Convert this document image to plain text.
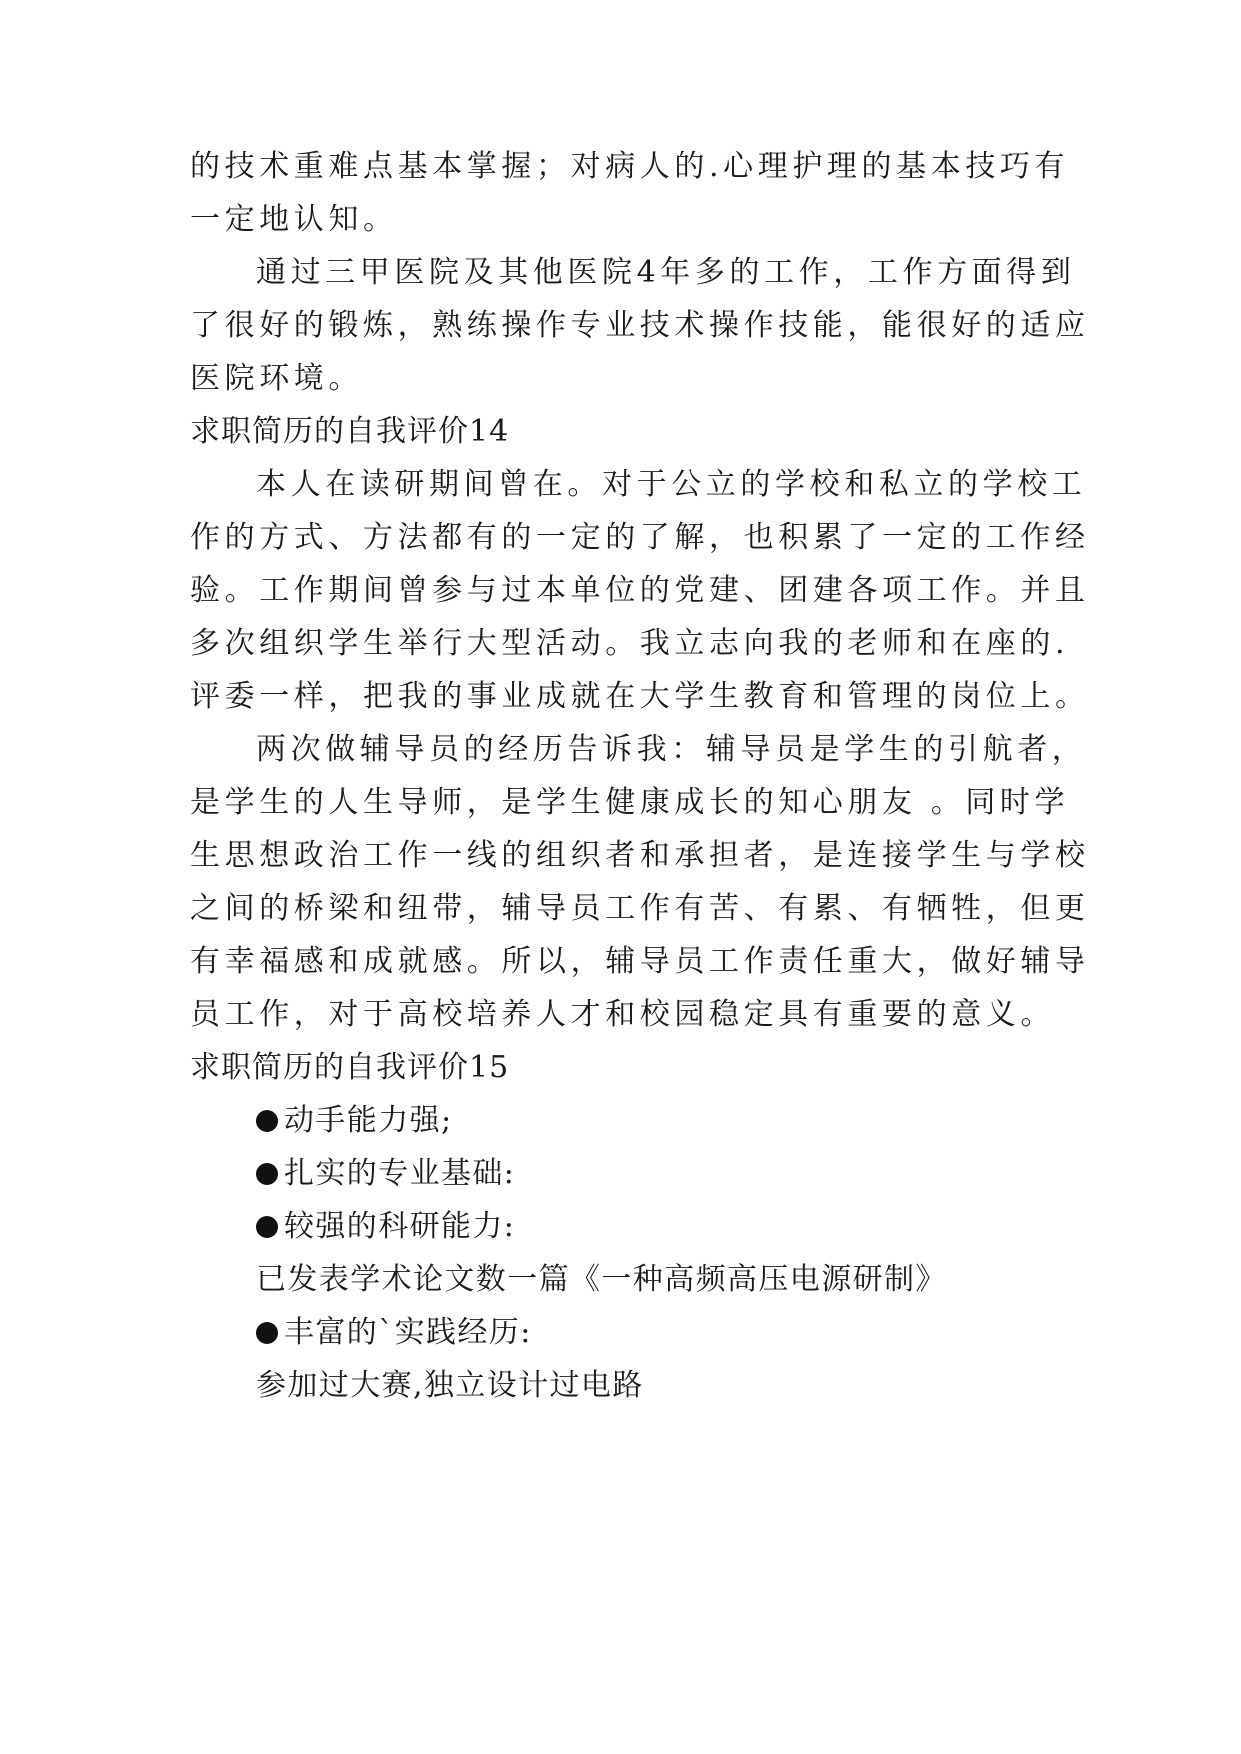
的技术重难点基本掌握；对病人的.心理护理的基本技巧有
一定地认知。
通过三甲医院及其他医院4年多的工作，工作方面得到
了很好的锻炼，熟练操作专业技术操作技能，能很好的适应
医院环境。
求职简历的自我评价14
本人在读研期间曾在。对于公立的学校和私立的学校工
作的方式、方法都有的一定的了解，也积累了一定的工作经
验。工作期间曾参与过本单位的党建、团建各项工作。并且
多次组织学生举行大型活动。我立志向我的老师和在座的.
评委一样，把我的事业成就在大学生教育和管理的岗位上。
两次做辅导员的经历告诉我：辅导员是学生的引航者，
是学生的人生导师，是学生健康成长的知心朋友 。同时学
生思想政治工作一线的组织者和承担者，是连接学生与学校
之间的桥梁和纽带，辅导员工作有苦、有累、有牺牲，但更
有幸福感和成就感。所以，辅导员工作责任重大，做好辅导
员工作，对于高校培养人才和校园稳定具有重要的意义。
求职简历的自我评价15
动手能力强;
扎实的专业基础:
较强的科研能力:
已发表学术论文数一篇《一种高频高压电源研制》
丰富的`实践经历:
参加过大赛,独立设计过电路
